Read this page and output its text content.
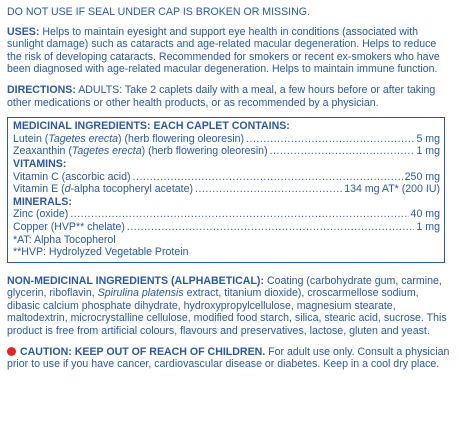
DO NOT USE IF SEAL UNDER CAP IS BROKEN OR MISSING.

USES: Helps to maintain eyesight and support eye health in conditions (associated with sunlight damage) such as cataracts and age-related macular degeneration. Helps to reduce the risk of developing cataracts. Recommended for smokers or recent ex-smokers who have been diagnosed with age-related macular degeneration. Helps to maintain immune function.

DIRECTIONS: ADULTS: Take 2 caplets daily with a meal, a few hours before or after taking other medications or other health products, or as recommended by a physician.

MEDICINAL INGREDIENTS: EACH CAPLET CONTAINS:

Lutein (Tagetes erecta) (herb flowering oleoresin) .....	5 mg
Zeaxanthin (Tagetes erecta) (herb flowering oleoresin) .....	1 mg

VITAMINS:

Vitamin C (ascorbic acid) .....	250 mg
Vitamin E (d-alpha tocopheryl acetate) .....	134 mg AT* (200 IU)

MINERALS:

Zinc (oxide) .....	40 mg
Copper (HVP** chelate) .....	1 mg

*AT: Alpha Tocopherol

**HVP: Hydrolyzed Vegetable Protein

NON-MEDICINAL INGREDIENTS (ALPHABETICAL): Coating (carbohydrate gum, carmine, glycerin, riboflavin, Spirulina platensis extract, titanium dioxide), croscarmellose sodium, dibasic calcium phosphate dihydrate, hydroxypropylcellulose, magnesium stearate, maltodextrin, microcrystalline cellulose, modified food starch, silica, stearic acid, sucrose. This product is free from artificial colours, flavours and preservatives, lactose, gluten and yeast.

CAUTION: KEEP OUT OF REACH OF CHILDREN. For adult use only. Consult a physician prior to use if you have cancer, cardiovascular disease or diabetes. Keep in a cool dry place.
